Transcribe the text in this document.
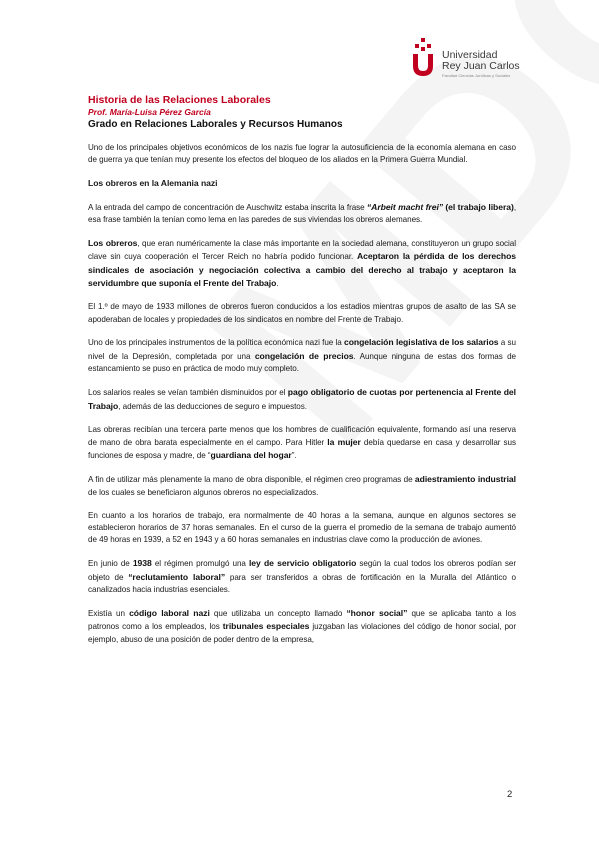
Universidad
Rey Juan Carlos
Facultad Ciencias Jurídicas y Sociales
Historia de las Relaciones Laborales
Prof. María-Luisa Pérez García
Grado en Relaciones Laborales y Recursos Humanos

Uno de los principales objetivos económicos de los nazis fue lograr la autosuficiencia de la economía alemana en caso de guerra ya que tenían muy presente los efectos del bloqueo de los aliados en la Primera Guerra Mundial.

Los obreros en la Alemania nazi

A la entrada del campo de concentración de Auschwitz estaba inscrita la frase “Arbeit macht frei” (el trabajo libera), esa frase también la tenían como lema en las paredes de sus viviendas los obreros alemanes.

Los obreros, que eran numéricamente la clase más importante en la sociedad alemana, constituyeron un grupo social clave sin cuya cooperación el Tercer Reich no habría podido funcionar. Aceptaron la pérdida de los derechos sindicales de asociación y negociación colectiva a cambio del derecho al trabajo y aceptaron la servidumbre que suponía el Frente del Trabajo.

El 1.º de mayo de 1933 millones de obreros fueron conducidos a los estadios mientras grupos de asalto de las SA se apoderaban de locales y propiedades de los sindicatos en nombre del Frente de Trabajo.

Uno de los principales instrumentos de la política económica nazi fue la congelación legislativa de los salarios a su nivel de la Depresión, completada por una congelación de precios. Aunque ninguna de estas dos formas de estancamiento se puso en práctica de modo muy completo.

Los salarios reales se veían también disminuidos por el pago obligatorio de cuotas por pertenencia al Frente del Trabajo, además de las deducciones de seguro e impuestos.

Las obreras recibían una tercera parte menos que los hombres de cualificación equivalente, formando así una reserva de mano de obra barata especialmente en el campo. Para Hitler la mujer debía quedarse en casa y desarrollar sus funciones de esposa y madre, de “guardiana del hogar”.

A fin de utilizar más plenamente la mano de obra disponible, el régimen creo programas de adiestramiento industrial de los cuales se beneficiaron algunos obreros no especializados.

En cuanto a los horarios de trabajo, era normalmente de 40 horas a la semana, aunque en algunos sectores se establecieron horarios de 37 horas semanales. En el curso de la guerra el promedio de la semana de trabajo aumentó de 49 horas en 1939, a 52 en 1943 y a 60 horas semanales en industrias clave como la producción de aviones.

En junio de 1938 el régimen promulgó una ley de servicio obligatorio según la cual todos los obreros podían ser objeto de “reclutamiento laboral” para ser transferidos a obras de fortificación en la Muralla del Atlántico o canalizados hacia industrias esenciales.

Existía un código laboral nazi que utilizaba un concepto llamado “honor social” que se aplicaba tanto a los patronos como a los empleados, los tribunales especiales juzgaban las violaciones del código de honor social, por ejemplo, abuso de una posición de poder dentro de la empresa,

2
